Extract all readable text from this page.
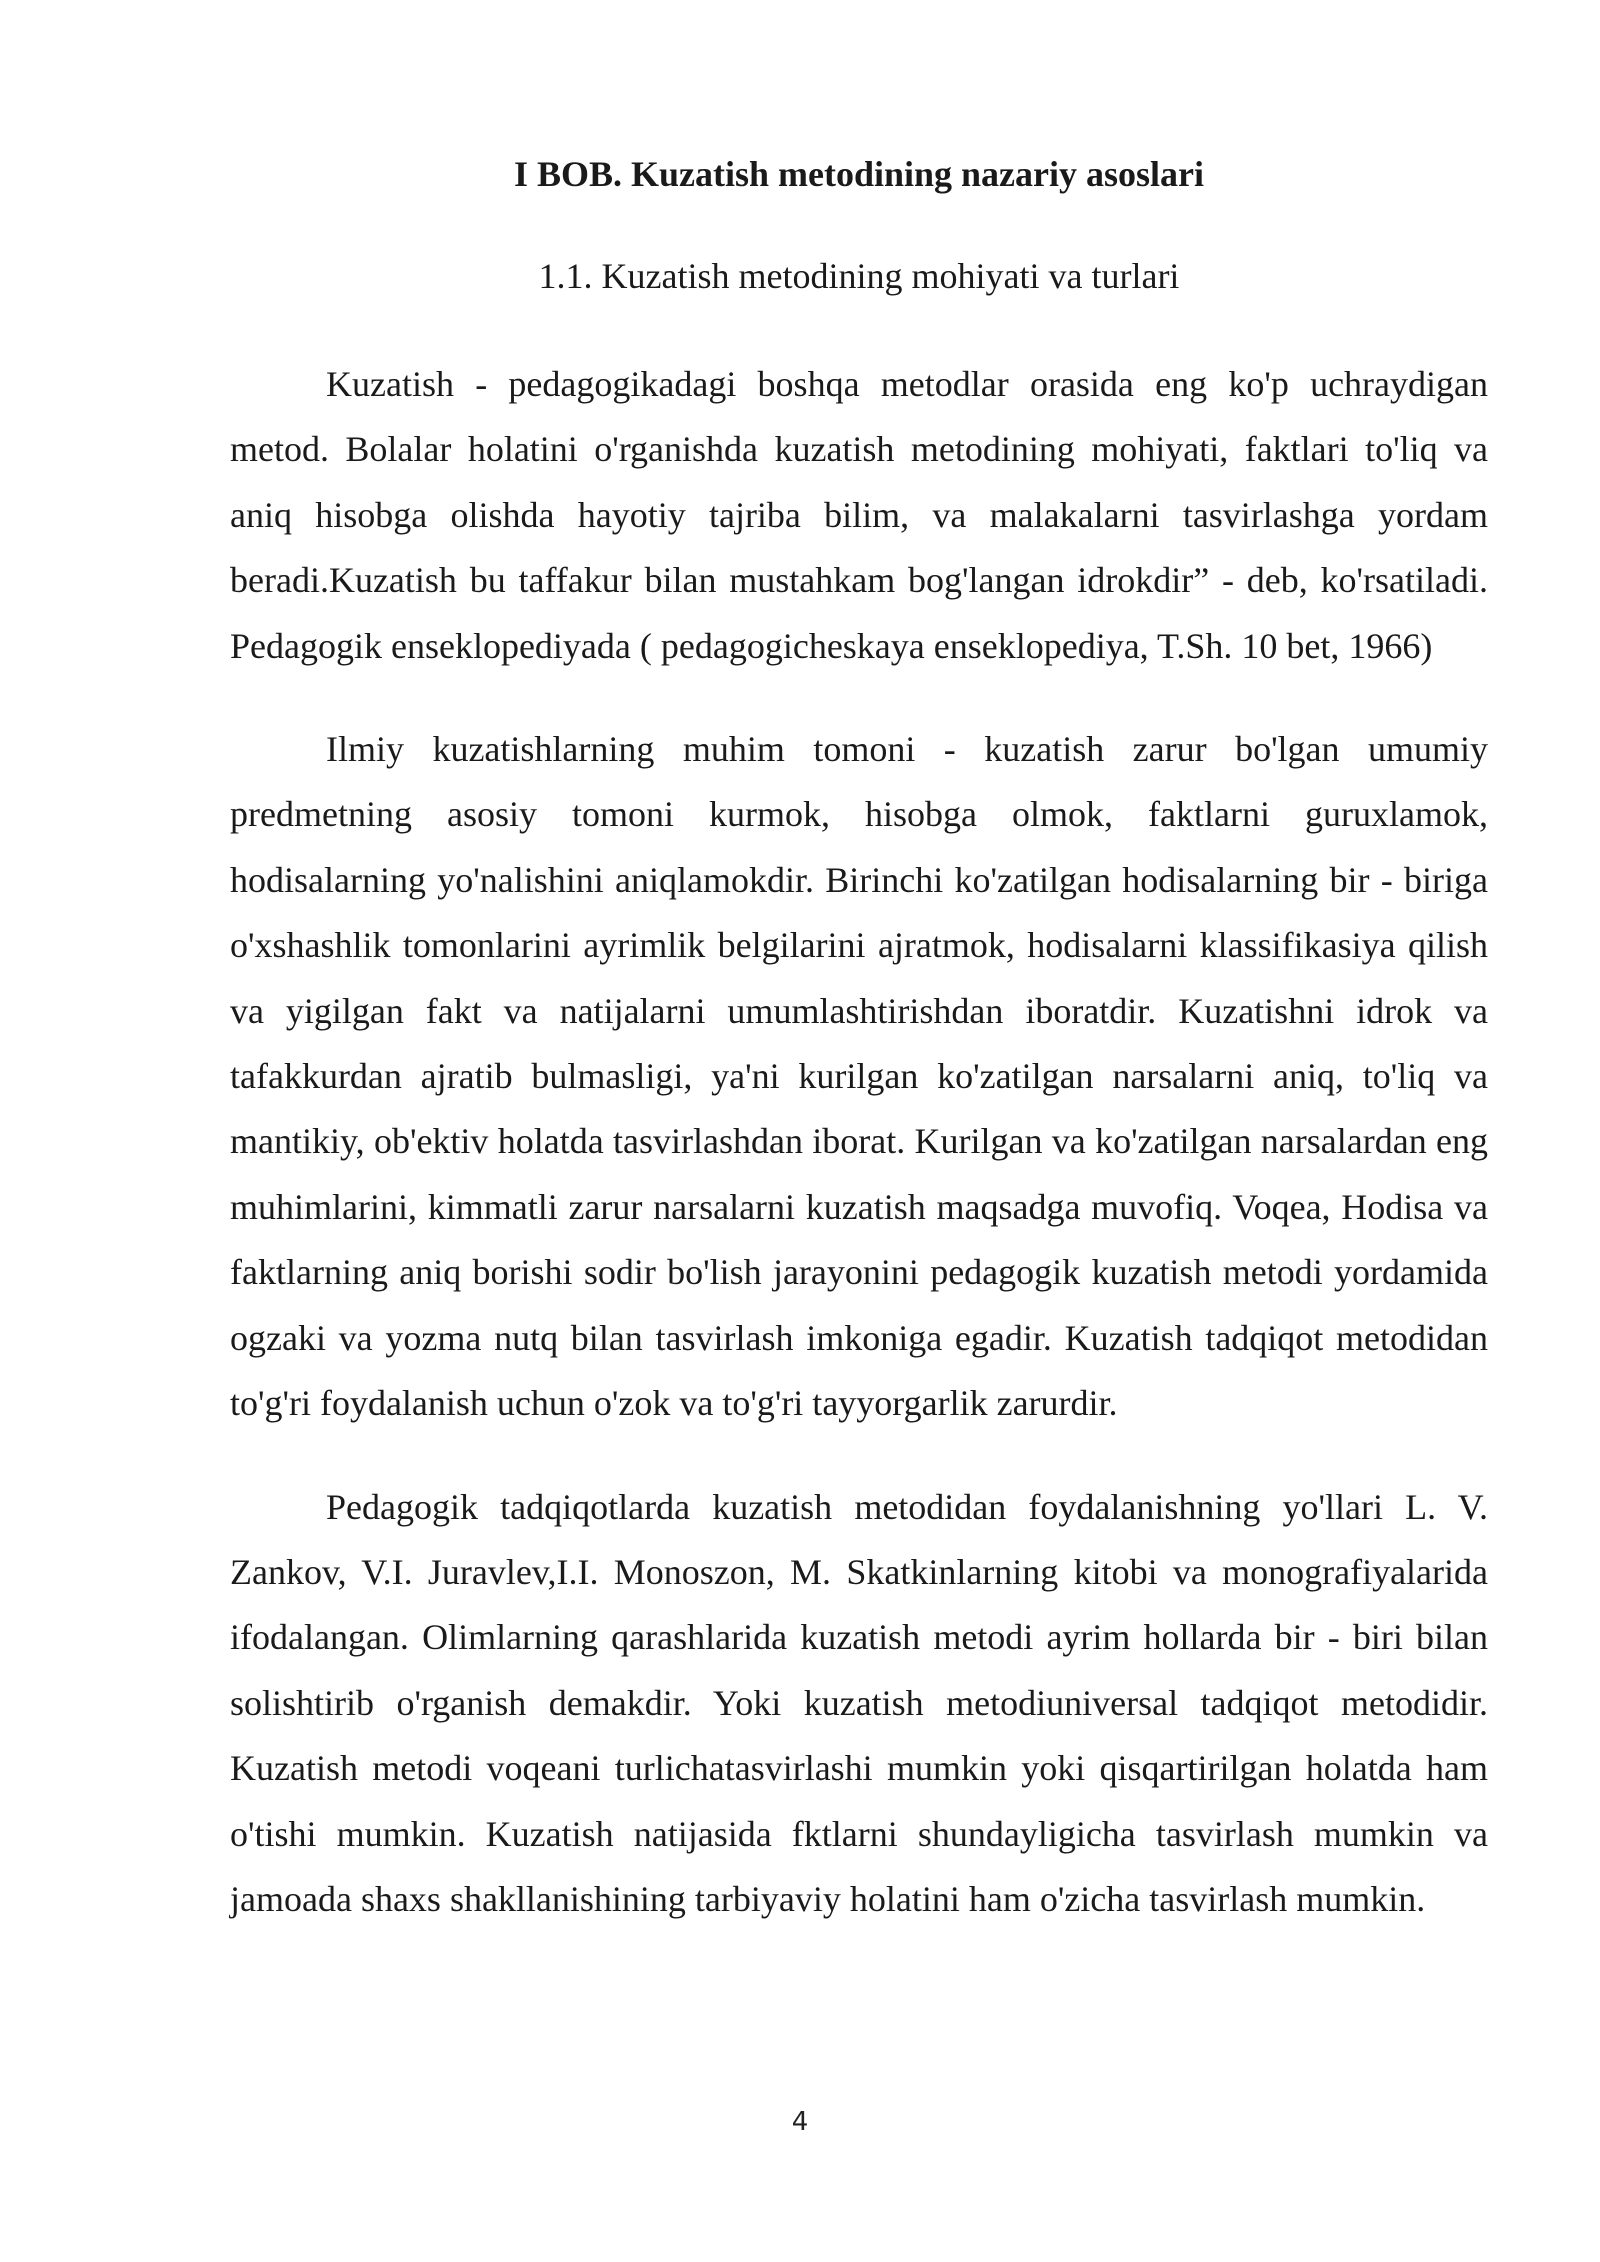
I BOB. Kuzatish metodining nazariy asoslari
1.1. Kuzatish metodining mohiyati va turlari

Kuzatish - pedagogikadagi boshqa metodlar orasida eng ko'p uchraydigan metod. Bolalar holatini o'rganishda kuzatish metodining mohiyati, faktlari to'liq va aniq hisobga olishda hayotiy tajriba bilim, va malakalarni tasvirlashga yordam beradi.Kuzatish bu taffakur bilan mustahkam bog'langan idrokdir” - deb, ko'rsatiladi. Pedagogik enseklopediyada ( pedagogicheskaya enseklopediya, T.Sh. 10 bet, 1966)

Ilmiy kuzatishlarning muhim tomoni - kuzatish zarur bo'lgan umumiy predmetning asosiy tomoni kurmok, hisobga olmok, faktlarni guruxlamok, hodisalarning yo'nalishini aniqlamokdir. Birinchi ko'zatilgan hodisalarning bir - biriga o'xshashlik tomonlarini ayrimlik belgilarini ajratmok, hodisalarni klassifikasiya qilish va yigilgan fakt va natijalarni umumlashtirishdan iboratdir. Kuzatishni idrok va tafakkurdan ajratib bulmasligi, ya'ni kurilgan ko'zatilgan narsalarni aniq, to'liq va mantikiy, ob'ektiv holatda tasvirlashdan iborat. Kurilgan va ko'zatilgan narsalardan eng muhimlarini, kimmatli zarur narsalarni kuzatish maqsadga muvofiq. Voqea, Hodisa va faktlarning aniq borishi sodir bo'lish jarayonini pedagogik kuzatish metodi yordamida ogzaki va yozma nutq bilan tasvirlash imkoniga egadir. Kuzatish tadqiqot metodidan to'g'ri foydalanish uchun o'zok va to'g'ri tayyorgarlik zarurdir.

Pedagogik tadqiqotlarda kuzatish metodidan foydalanishning yo'llari L. V. Zankov, V.I. Juravlev,I.I. Monoszon, M. Skatkinlarning kitobi va monografiyalarida ifodalangan. Olimlarning qarashlarida kuzatish metodi ayrim hollarda bir - biri bilan solishtirib o'rganish demakdir. Yoki kuzatish metodiuniversal tadqiqot metodidir. Kuzatish metodi voqeani turlichatasvirlashi mumkin yoki qisqartirilgan holatda ham o'tishi mumkin. Kuzatish natijasida fktlarni shundayligicha tasvirlash mumkin va jamoada shaxs shakllanishining tarbiyaviy holatini ham o'zicha tasvirlash mumkin.

4
